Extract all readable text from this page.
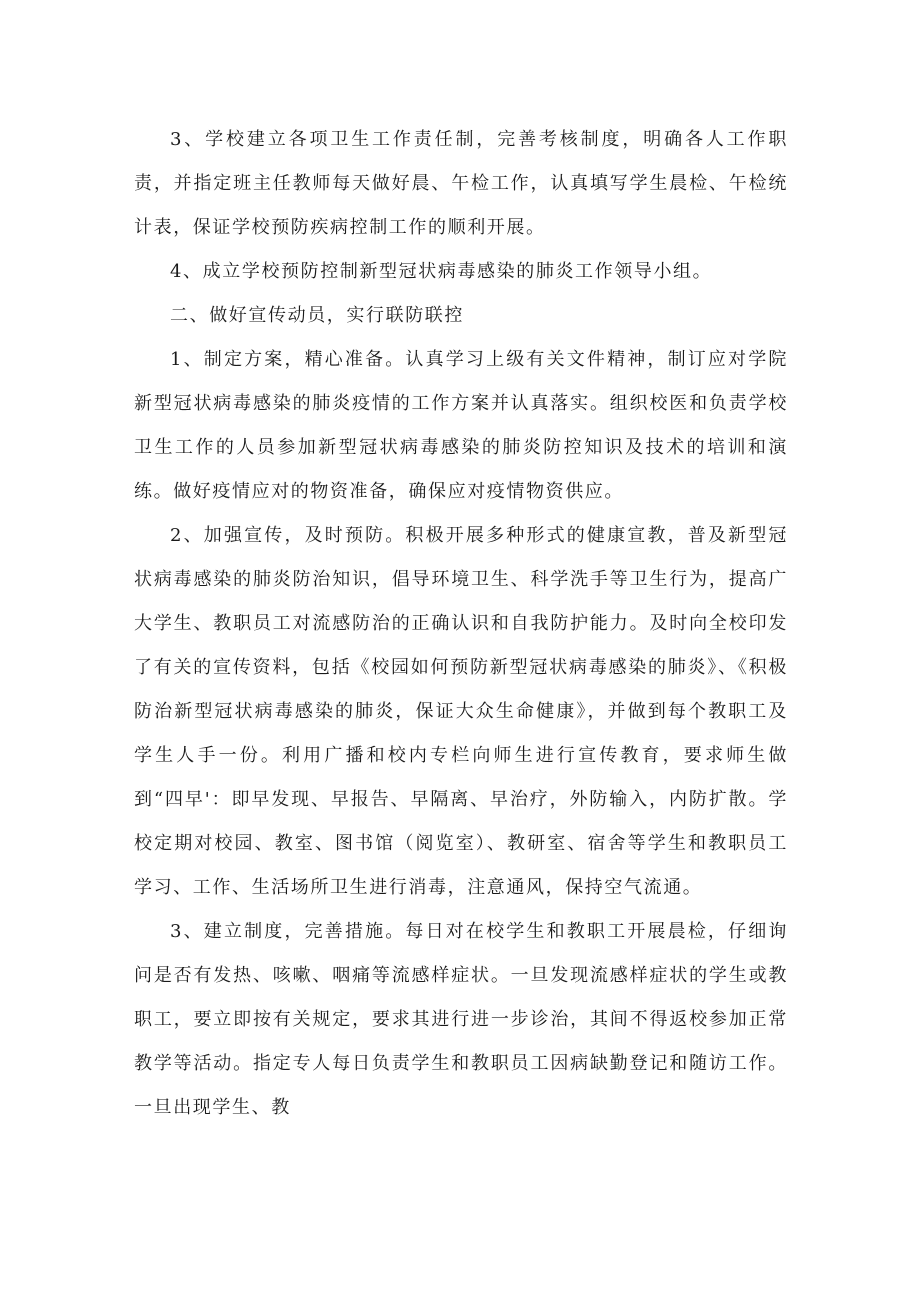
3、学校建立各项卫生工作责任制，完善考核制度，明确各人工作职责，并指定班主任教师每天做好晨、午检工作，认真填写学生晨检、午检统计表，保证学校预防疾病控制工作的顺利开展。

4、成立学校预防控制新型冠状病毒感染的肺炎工作领导小组。

二、做好宣传动员，实行联防联控

1、制定方案，精心准备。认真学习上级有关文件精神，制订应对学院新型冠状病毒感染的肺炎疫情的工作方案并认真落实。组织校医和负责学校卫生工作的人员参加新型冠状病毒感染的肺炎防控知识及技术的培训和演练。做好疫情应对的物资准备，确保应对疫情物资供应。

2、加强宣传，及时预防。积极开展多种形式的健康宣教，普及新型冠状病毒感染的肺炎防治知识，倡导环境卫生、科学洗手等卫生行为，提高广大学生、教职员工对流感防治的正确认识和自我防护能力。及时向全校印发了有关的宣传资料，包括《校园如何预防新型冠状病毒感染的肺炎》、《积极防治新型冠状病毒感染的肺炎，保证大众生命健康》，并做到每个教职工及学生人手一份。利用广播和校内专栏向师生进行宣传教育，要求师生做到“四早'：即早发现、早报告、早隔离、早治疗，外防输入，内防扩散。学校定期对校园、教室、图书馆（阅览室）、教研室、宿舍等学生和教职员工学习、工作、生活场所卫生进行消毒，注意通风，保持空气流通。

3、建立制度，完善措施。每日对在校学生和教职工开展晨检，仔细询问是否有发热、咳嗽、咽痛等流感样症状。一旦发现流感样症状的学生或教职工，要立即按有关规定，要求其进行进一步诊治，其间不得返校参加正常教学等活动。指定专人每日负责学生和教职员工因病缺勤登记和随访工作。一旦出现学生、教
